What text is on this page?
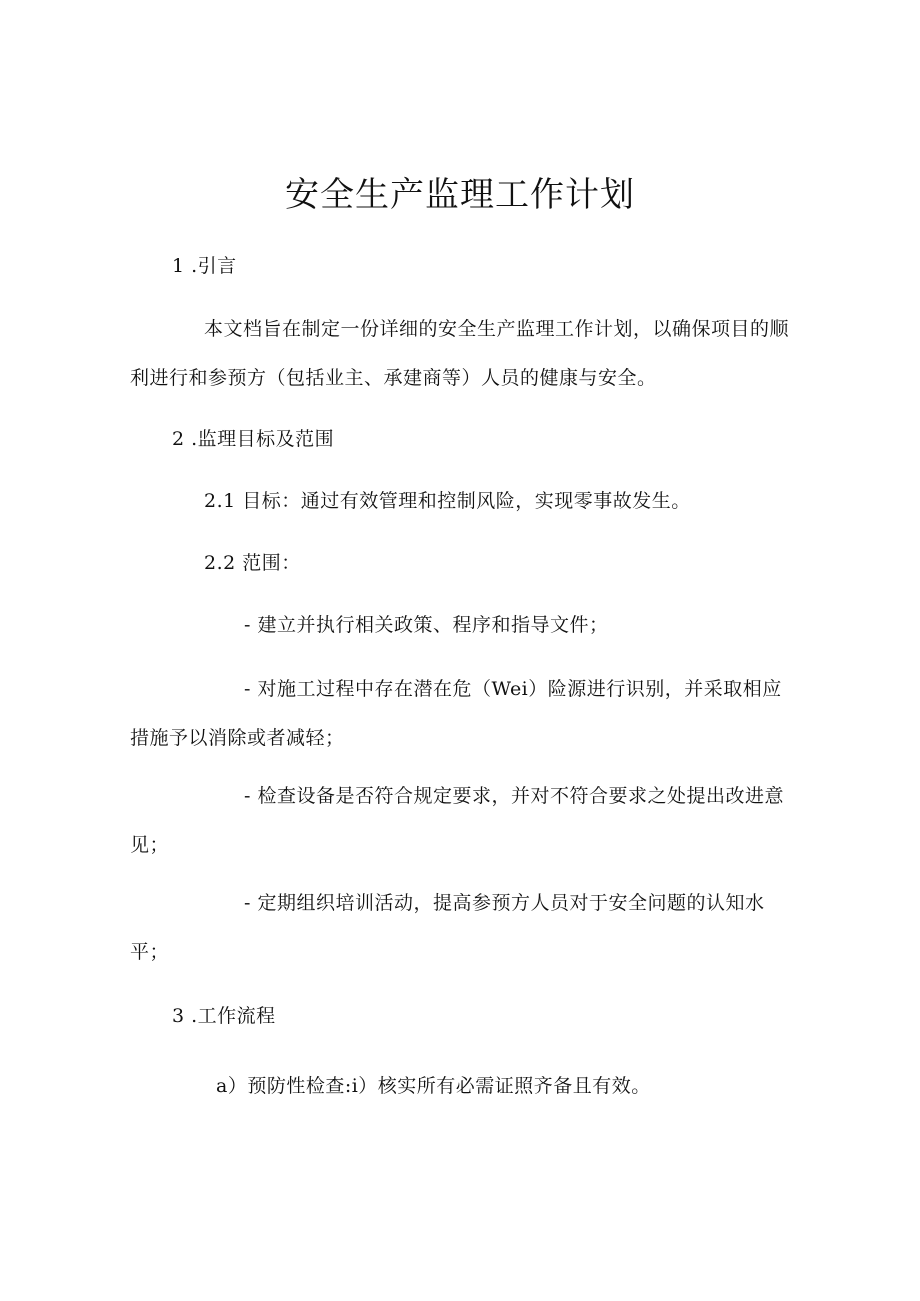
安全生产监理工作计划
1 .引言
本文档旨在制定一份详细的安全生产监理工作计划，以确保项目的顺利进行和参预方（包括业主、承建商等）人员的健康与安全。
2 .监理目标及范围
2.1 目标：通过有效管理和控制风险，实现零事故发生。
2.2 范围：
- 建立并执行相关政策、程序和指导文件；
- 对施工过程中存在潜在危（Wei）险源进行识别，并采取相应措施予以消除或者减轻；
- 检查设备是否符合规定要求，并对不符合要求之处提出改进意见；
- 定期组织培训活动，提高参预方人员对于安全问题的认知水平；
3 .工作流程
a）预防性检查:i）核实所有必需证照齐备且有效。
